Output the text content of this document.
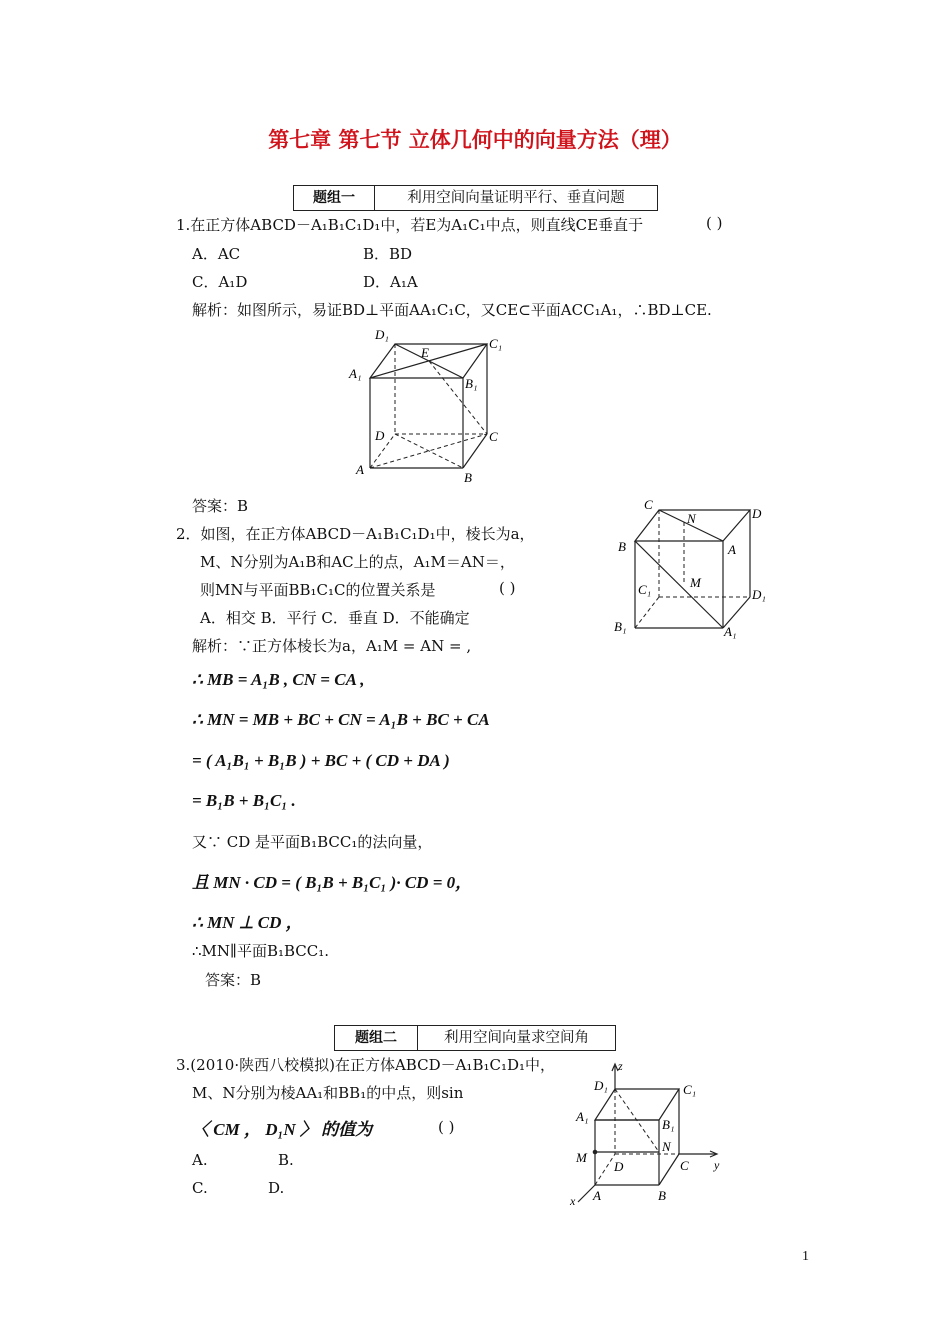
第七章 第七节 立体几何中的向量方法（理）
题组一	利用空间向量证明平行、垂直问题
1.在正方体ABCD－A₁B₁C₁D₁中，若E为A₁C₁中点，则直线CE垂直于	( )
A．AC	B．BD
C．A₁D	D．A₁A
解析：如图所示，易证BD⊥平面AA₁C₁C，又CE⊂平面ACC₁A₁，∴BD⊥CE.
D₁
C₁
E
A₁
B₁
D	C
A
B
答案：B
2．如图，在正方体ABCD－A₁B₁C₁D₁中，棱长为a，
M、N分别为A₁B和AC上的点，A₁M＝AN＝，
则MN与平面BB₁C₁C的位置关系是	( )
A．相交 B．平行 C．垂直 D．不能确定
C
N	D
B	A
M
C₁	D₁
B₁	A₁
解析：∵正方体棱长为a，A₁M = AN = ,
∴ MB = A₁B , CN = CA ,
∴ MN = MB + BC + CN = A₁B + BC + CA
= ( A₁B₁ + B₁B ) + BC + ( CD + DA )
= B₁B + B₁C₁ .
又∵ CD 是平面B₁BCC₁的法向量，
且 MN · CD = ( B₁B + B₁C₁ )· CD = 0，
∴ MN ⊥ CD ，
∴MN∥平面B₁BCC₁.
答案：B
题组二	利用空间向量求空间角
3.(2010·陕西八校模拟)在正方体ABCD－A₁B₁C₁D₁中，
M、N分别为棱AA₁和BB₁的中点，则sin
〈 CM ， D₁N 〉 的值为	( )
A.	B.
C.	D.
z
D₁	C₁
A₁
B₁
N
M
D	C y
x A	B
1
